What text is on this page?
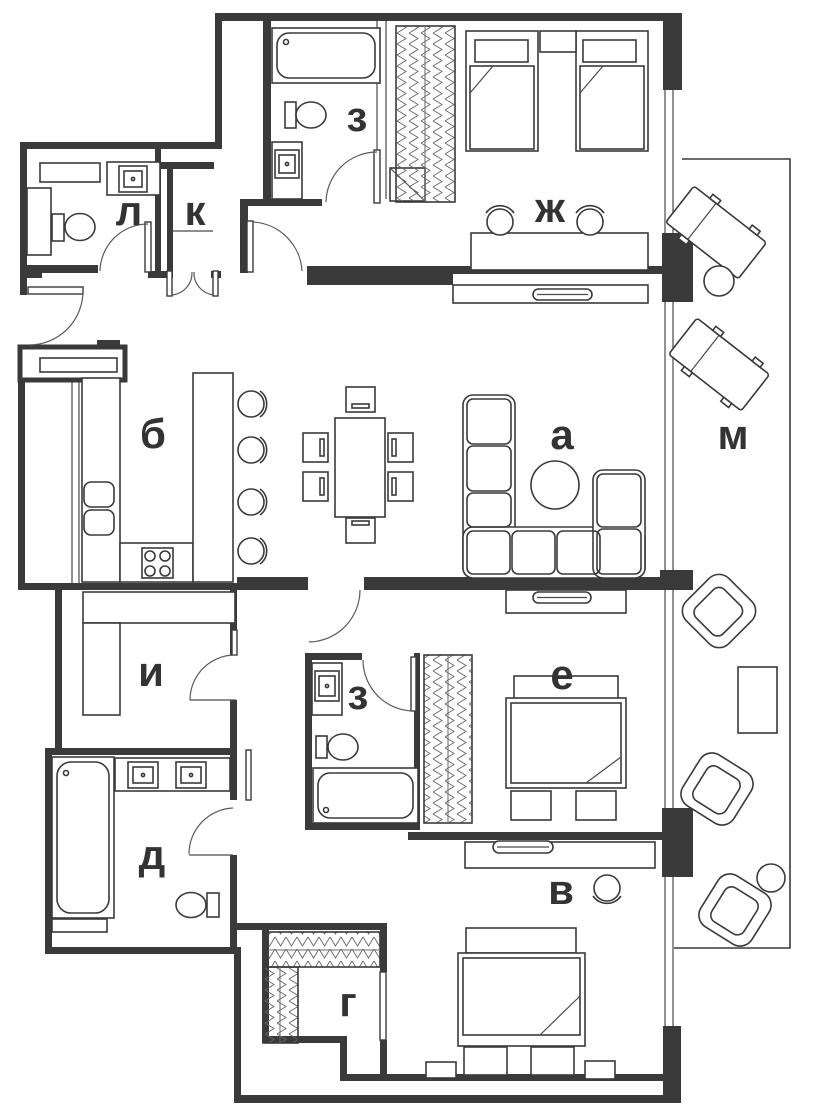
л к
з
ж
б	а	м
и	з	е
д
в
г
